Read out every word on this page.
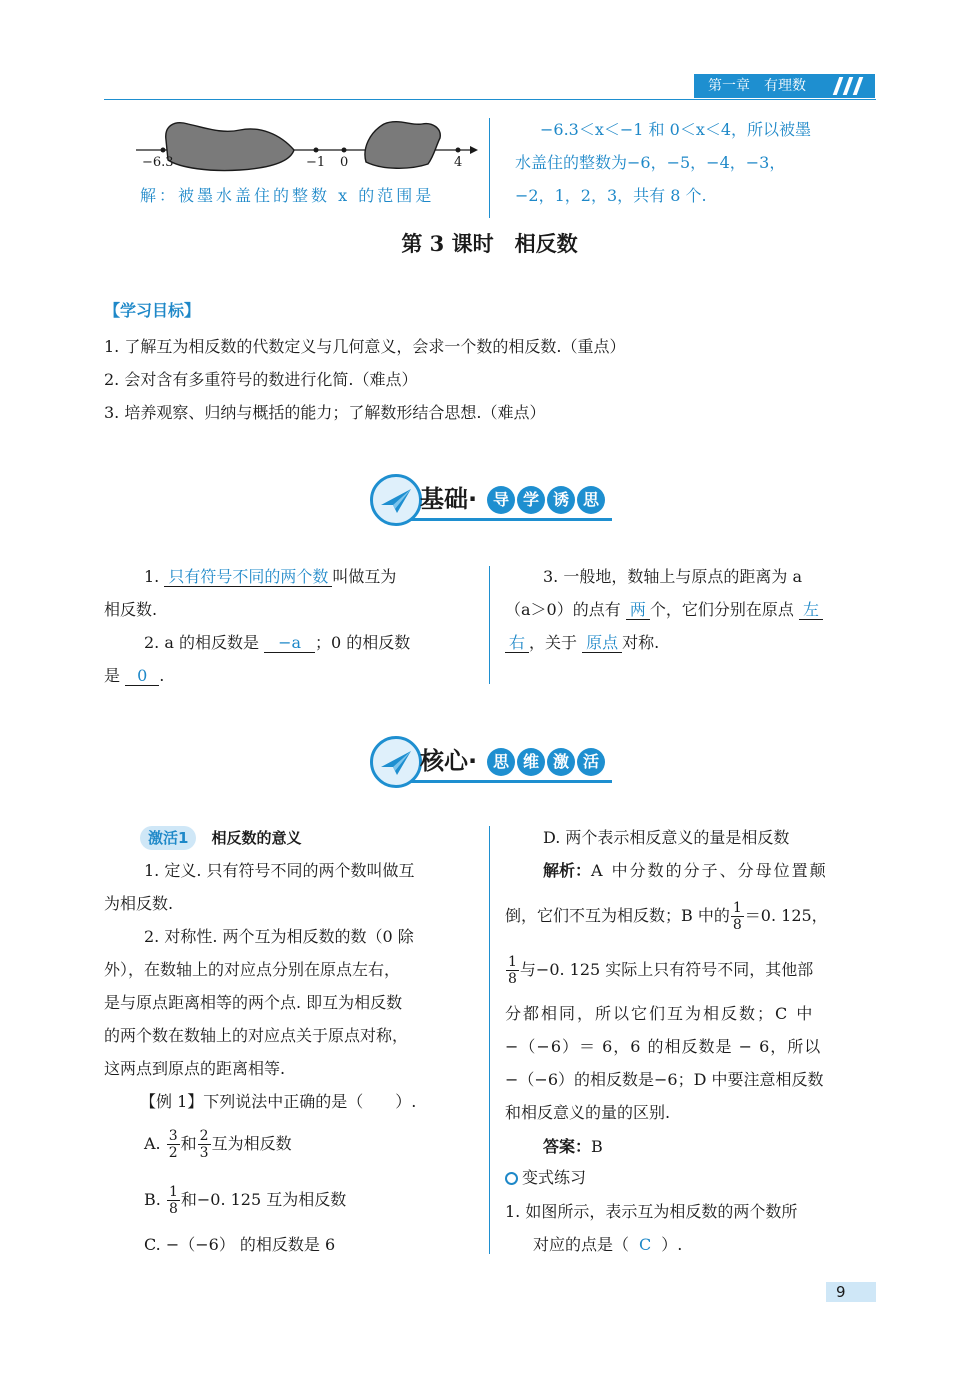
第一章　有理数
−6.3	−1 0	4
解：被墨水盖住的整数 x 的范围是
−6.3＜x＜−1 和 0＜x＜4，所以被墨
水盖住的整数为−6，−5，−4，−3，
−2，1，2，3，共有 8 个.
第 3 课时　相反数
【学习目标】
1. 了解互为相反数的代数定义与几何意义，会求一个数的相反数.（重点）
2. 会对含有多重符号的数进行化简.（难点）
3. 培养观察、归纳与概括的能力；了解数形结合思想.（难点）
基础· 导 学 诱 思
1. 只有符号不同的两个数 叫做互为
相反数.
2. a 的相反数是 −a ；0 的相反数
是 0 .
3. 一般地，数轴上与原点的距离为 a
（a＞0）的点有 两 个，它们分别在原点 左
右 ，关于 原点 对称.
核心· 思 维 激 活
激活1 相反数的意义
1. 定义. 只有符号不同的两个数叫做互
为相反数.
2. 对称性. 两个互为相反数的数（0 除
外），在数轴上的对应点分别在原点左右，
是与原点距离相等的两个点. 即互为相反数
的两个数在数轴上的对应点关于原点对称，
这两点到原点的距离相等.
【例 1】下列说法中正确的是（　　）.
A. $\frac{3}{2}$ 和 $\frac{2}{3}$ 互为相反数
B. $\frac{1}{8}$ 和−0. 125 互为相反数
C. −（−6） 的相反数是 6
D. 两个表示相反意义的量是相反数
解析：A 中分数的分子、分母位置颠
倒，它们不互为相反数；B 中的 $\frac{1}{8} =0$. 125，
$\frac{1}{8}$ 与−0. 125 实际上只有符号不同，其他部
分都相同，所以它们互为相反数；C 中
−（−6）＝ 6，6 的相反数是 − 6，所以
−（−6）的相反数是−6；D 中要注意相反数
和相反意义的量的区别.
答案：B
变式练习
1. 如图所示，表示互为相反数的两个数所
对应的点是（ C ）.
9
